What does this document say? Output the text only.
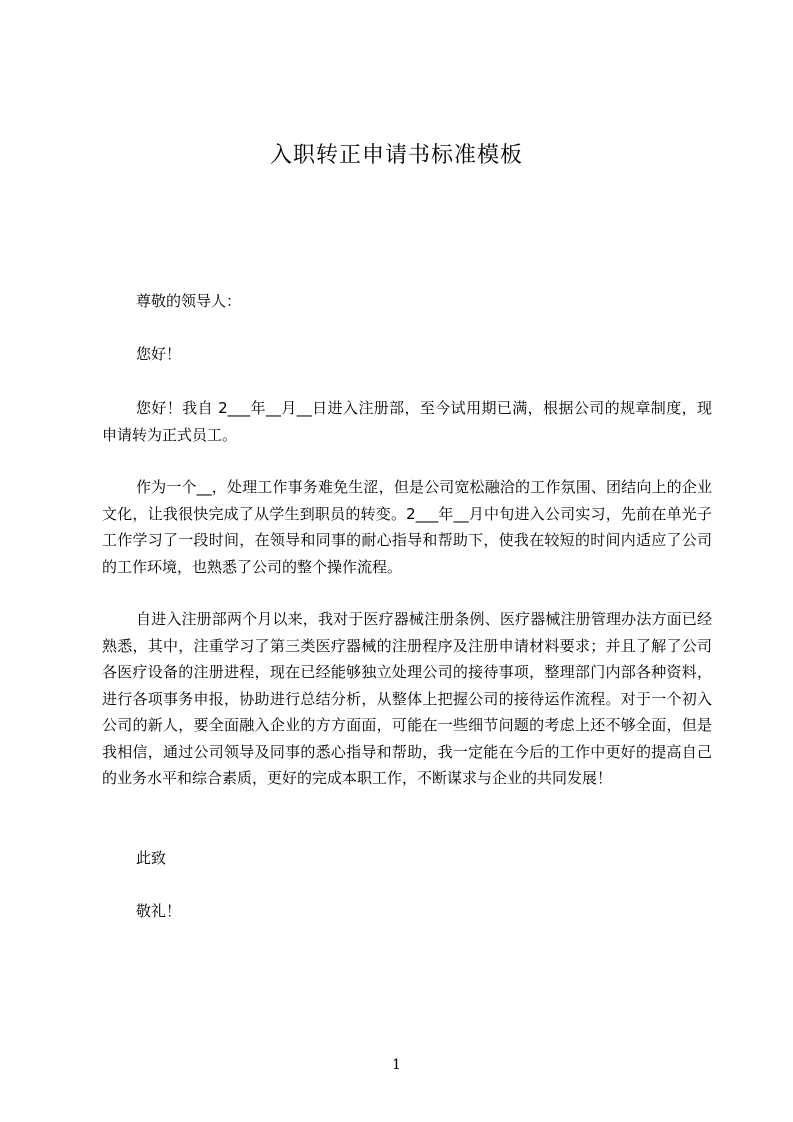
入职转正申请书标准模板

尊敬的领导人：

您好！

您好！我自 2___年__月__日进入注册部，至今试用期已满，根据公司的规章制度，现申请转为正式员工。

作为一个__，处理工作事务难免生涩，但是公司宽松融洽的工作氛围、团结向上的企业文化，让我很快完成了从学生到职员的转变。2___年__月中旬进入公司实习，先前在单光子工作学习了一段时间，在领导和同事的耐心指导和帮助下，使我在较短的时间内适应了公司的工作环境，也熟悉了公司的整个操作流程。

自进入注册部两个月以来，我对于医疗器械注册条例、医疗器械注册管理办法方面已经熟悉，其中，注重学习了第三类医疗器械的注册程序及注册申请材料要求；并且了解了公司各医疗设备的注册进程，现在已经能够独立处理公司的接待事项，整理部门内部各种资料，进行各项事务申报，协助进行总结分析，从整体上把握公司的接待运作流程。对于一个初入公司的新人，要全面融入企业的方方面面，可能在一些细节问题的考虑上还不够全面，但是我相信，通过公司领导及同事的悉心指导和帮助，我一定能在今后的工作中更好的提高自己的业务水平和综合素质，更好的完成本职工作，不断谋求与企业的共同发展！

此致

敬礼！

1
